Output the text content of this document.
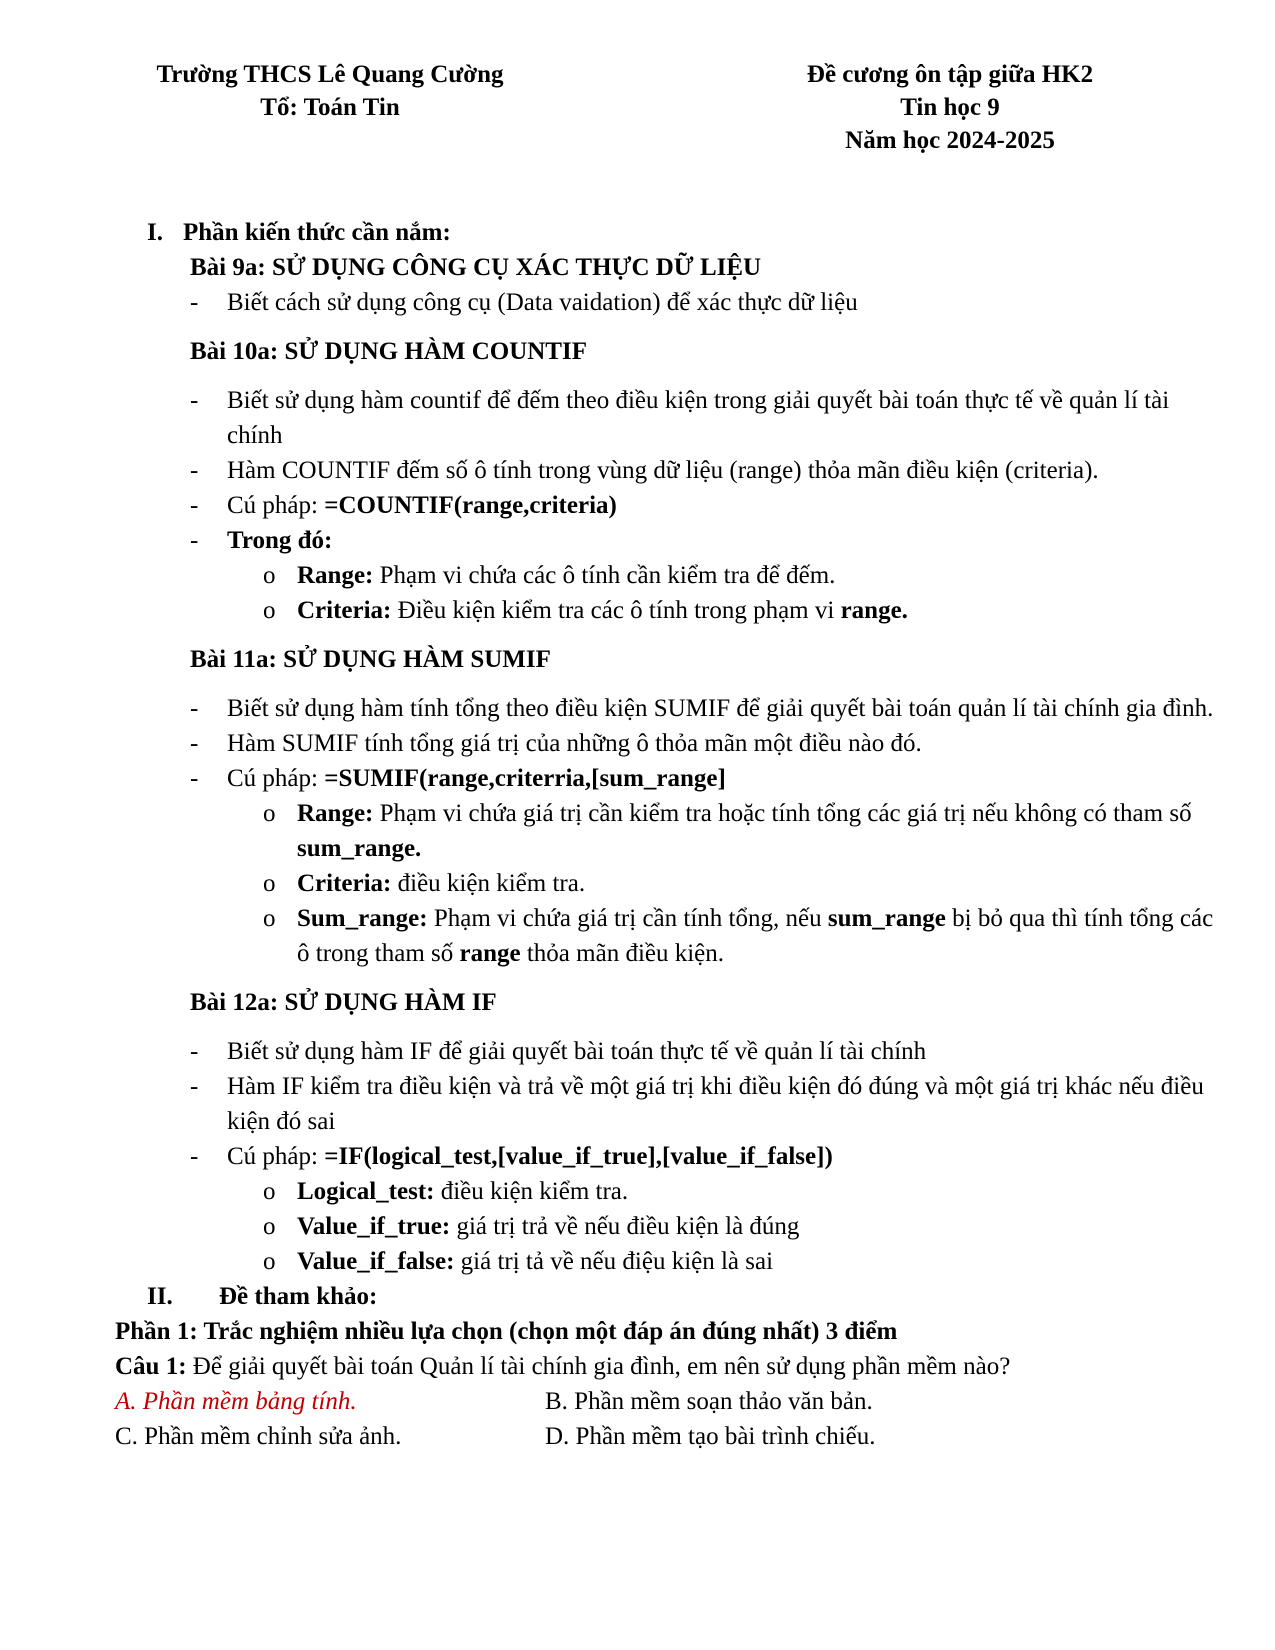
Trường THCS Lê Quang Cường
Tổ: Toán Tin
Đề cương ôn tập giữa HK2
Tin học 9
Năm học 2024-2025
I. Phần kiến thức cần nắm:
Bài 9a: SỬ DỤNG CÔNG CỤ XÁC THỰC DỮ LIỆU
-	Biết cách sử dụng công cụ (Data vaidation) để xác thực dữ liệu
Bài 10a: SỬ DỤNG HÀM COUNTIF
-	Biết sử dụng hàm countif để đếm theo điều kiện trong giải quyết bài toán thực tế về quản lí tài chính
-	Hàm COUNTIF đếm số ô tính trong vùng dữ liệu (range) thỏa mãn điều kiện (criteria).
-	Cú pháp: =COUNTIF(range,criteria)
-	Trong đó:
o Range: Phạm vi chứa các ô tính cần kiểm tra để đếm.
o Criteria: Điều kiện kiểm tra các ô tính trong phạm vi range.
Bài 11a: SỬ DỤNG HÀM SUMIF
-	Biết sử dụng hàm tính tổng theo điều kiện SUMIF để giải quyết bài toán quản lí tài chính gia đình.
-	Hàm SUMIF tính tổng giá trị của những ô thỏa mãn một điều nào đó.
-	Cú pháp: =SUMIF(range,criterria,[sum_range]
o Range: Phạm vi chứa giá trị cần kiểm tra hoặc tính tổng các giá trị nếu không có tham số sum_range.
o Criteria: điều kiện kiểm tra.
o Sum_range: Phạm vi chứa giá trị cần tính tổng, nếu sum_range bị bỏ qua thì tính tổng các ô trong tham số range thỏa mãn điều kiện.
Bài 12a: SỬ DỤNG HÀM IF
-	Biết sử dụng hàm IF để giải quyết bài toán thực tế về quản lí tài chính
-	Hàm IF kiểm tra điều kiện và trả về một giá trị khi điều kiện đó đúng và một giá trị khác nếu điều kiện đó sai
-	Cú pháp: =IF(logical_test,[value_if_true],[value_if_false])
o Logical_test: điều kiện kiểm tra.
o Value_if_true: giá trị trả về nếu điều kiện là đúng
o Value_if_false: giá trị tả về nếu điệu kiện là sai
II.	Đề tham khảo:
Phần 1: Trắc nghiệm nhiều lựa chọn (chọn một đáp án đúng nhất) 3 điểm
Câu 1: Để giải quyết bài toán Quản lí tài chính gia đình, em nên sử dụng phần mềm nào?
A. Phần mềm bảng tính.	B. Phần mềm soạn thảo văn bản.
C. Phần mềm chỉnh sửa ảnh.	D. Phần mềm tạo bài trình chiếu.
